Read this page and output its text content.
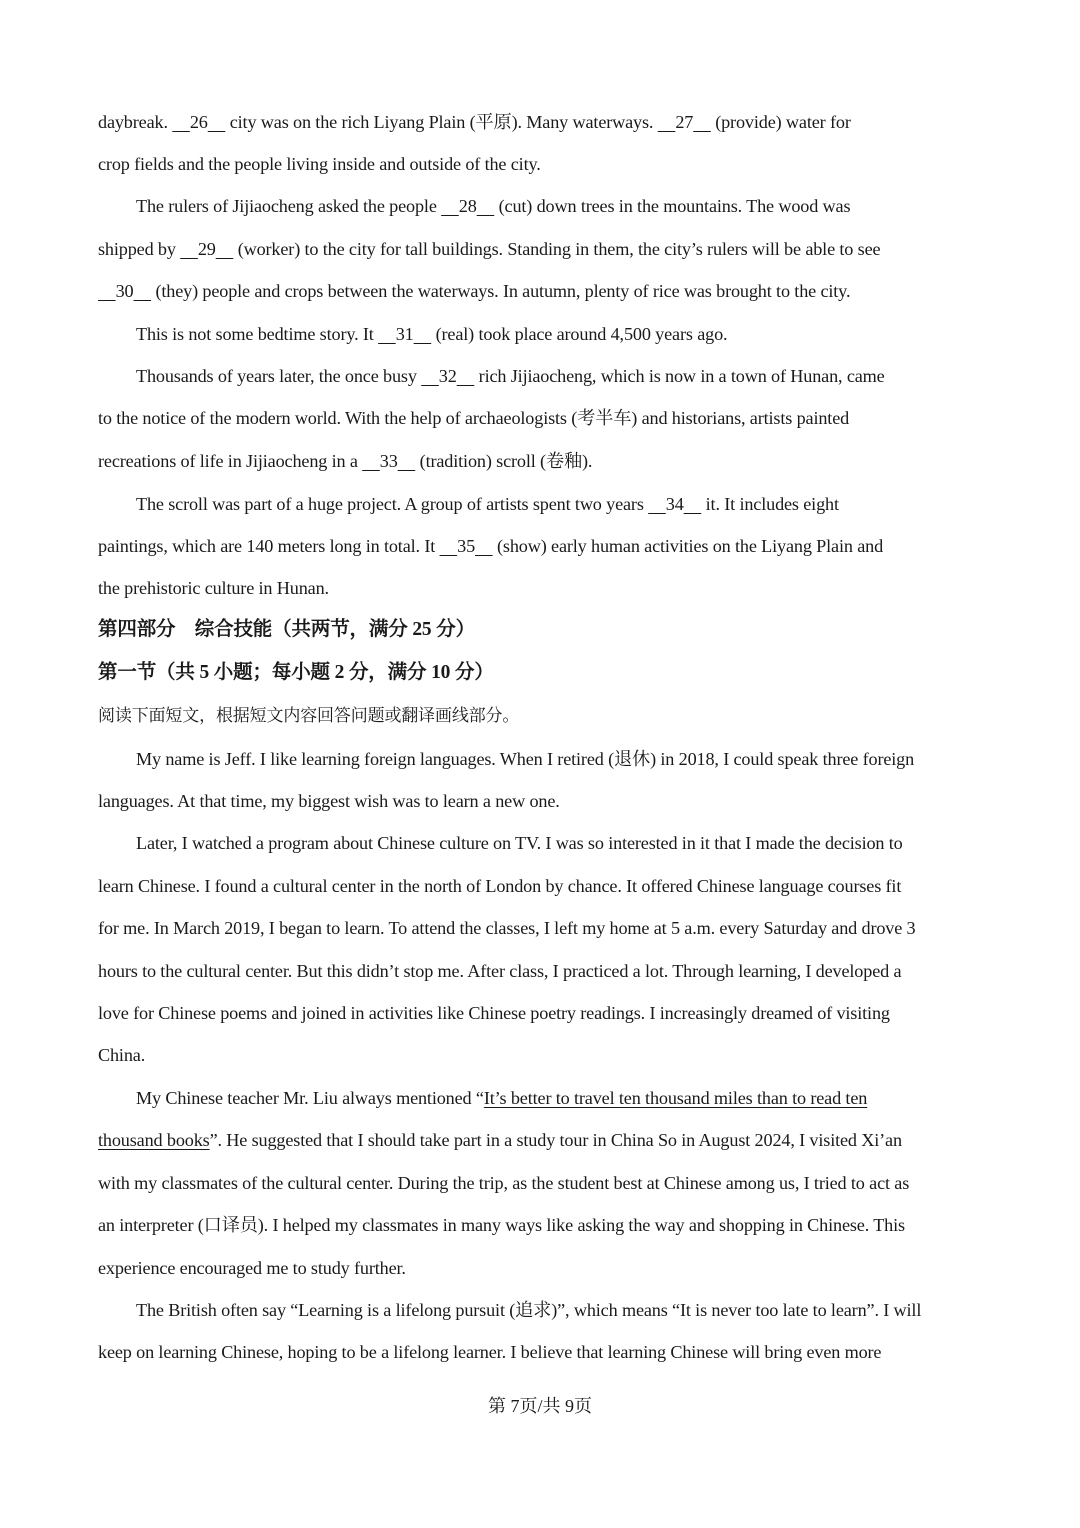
daybreak.     26     city was on the rich Liyang Plain (平原). Many waterways.     27     (provide) water for
crop fields and the people living inside and outside of the city.
The rulers of Jijiaocheng asked the people     28     (cut) down trees in the mountains. The wood was
shipped by     29     (worker) to the city for tall buildings. Standing in them, the city’s rulers will be able to see
30     (they) people and crops between the waterways. In autumn, plenty of rice was brought to the city.
This is not some bedtime story. It     31     (real) took place around 4,500 years ago.
Thousands of years later, the once busy     32     rich Jijiaocheng, which is now in a town of Hunan, came
to the notice of the modern world. With the help of archaeologists (考半车) and historians, artists painted
recreations of life in Jijiaocheng in a     33     (tradition) scroll (卷釉).
The scroll was part of a huge project. A group of artists spent two years     34     it. It includes eight
paintings, which are 140 meters long in total. It     35     (show) early human activities on the Liyang Plain and
the prehistoric culture in Hunan.
第四部分　综合技能（共两节，满分 25 分）
第一节（共 5 小题；每小题 2 分，满分 10 分）
阅读下面短文，根据短文内容回答问题或翻译画线部分。
My name is Jeff. I like learning foreign languages. When I retired (退休) in 2018, I could speak three foreign
languages. At that time, my biggest wish was to learn a new one.
Later, I watched a program about Chinese culture on TV. I was so interested in it that I made the decision to
learn Chinese. I found a cultural center in the north of London by chance. It offered Chinese language courses fit
for me. In March 2019, I began to learn. To attend the classes, I left my home at 5 a.m. every Saturday and drove 3
hours to the cultural center. But this didn’t stop me. After class, I practiced a lot. Through learning, I developed a
love for Chinese poems and joined in activities like Chinese poetry readings. I increasingly dreamed of visiting
China.
My Chinese teacher Mr. Liu always mentioned “It’s better to travel ten thousand miles than to read ten
thousand books”. He suggested that I should take part in a study tour in China So in August 2024, I visited Xi’an
with my classmates of the cultural center. During the trip, as the student best at Chinese among us, I tried to act as
an interpreter (口译员). I helped my classmates in many ways like asking the way and shopping in Chinese. This
experience encouraged me to study further.
The British often say “Learning is a lifelong pursuit (追求)”, which means “It is never too late to learn”. I will
keep on learning Chinese, hoping to be a lifelong learner. I believe that learning Chinese will bring even more
第 7页/共 9页
